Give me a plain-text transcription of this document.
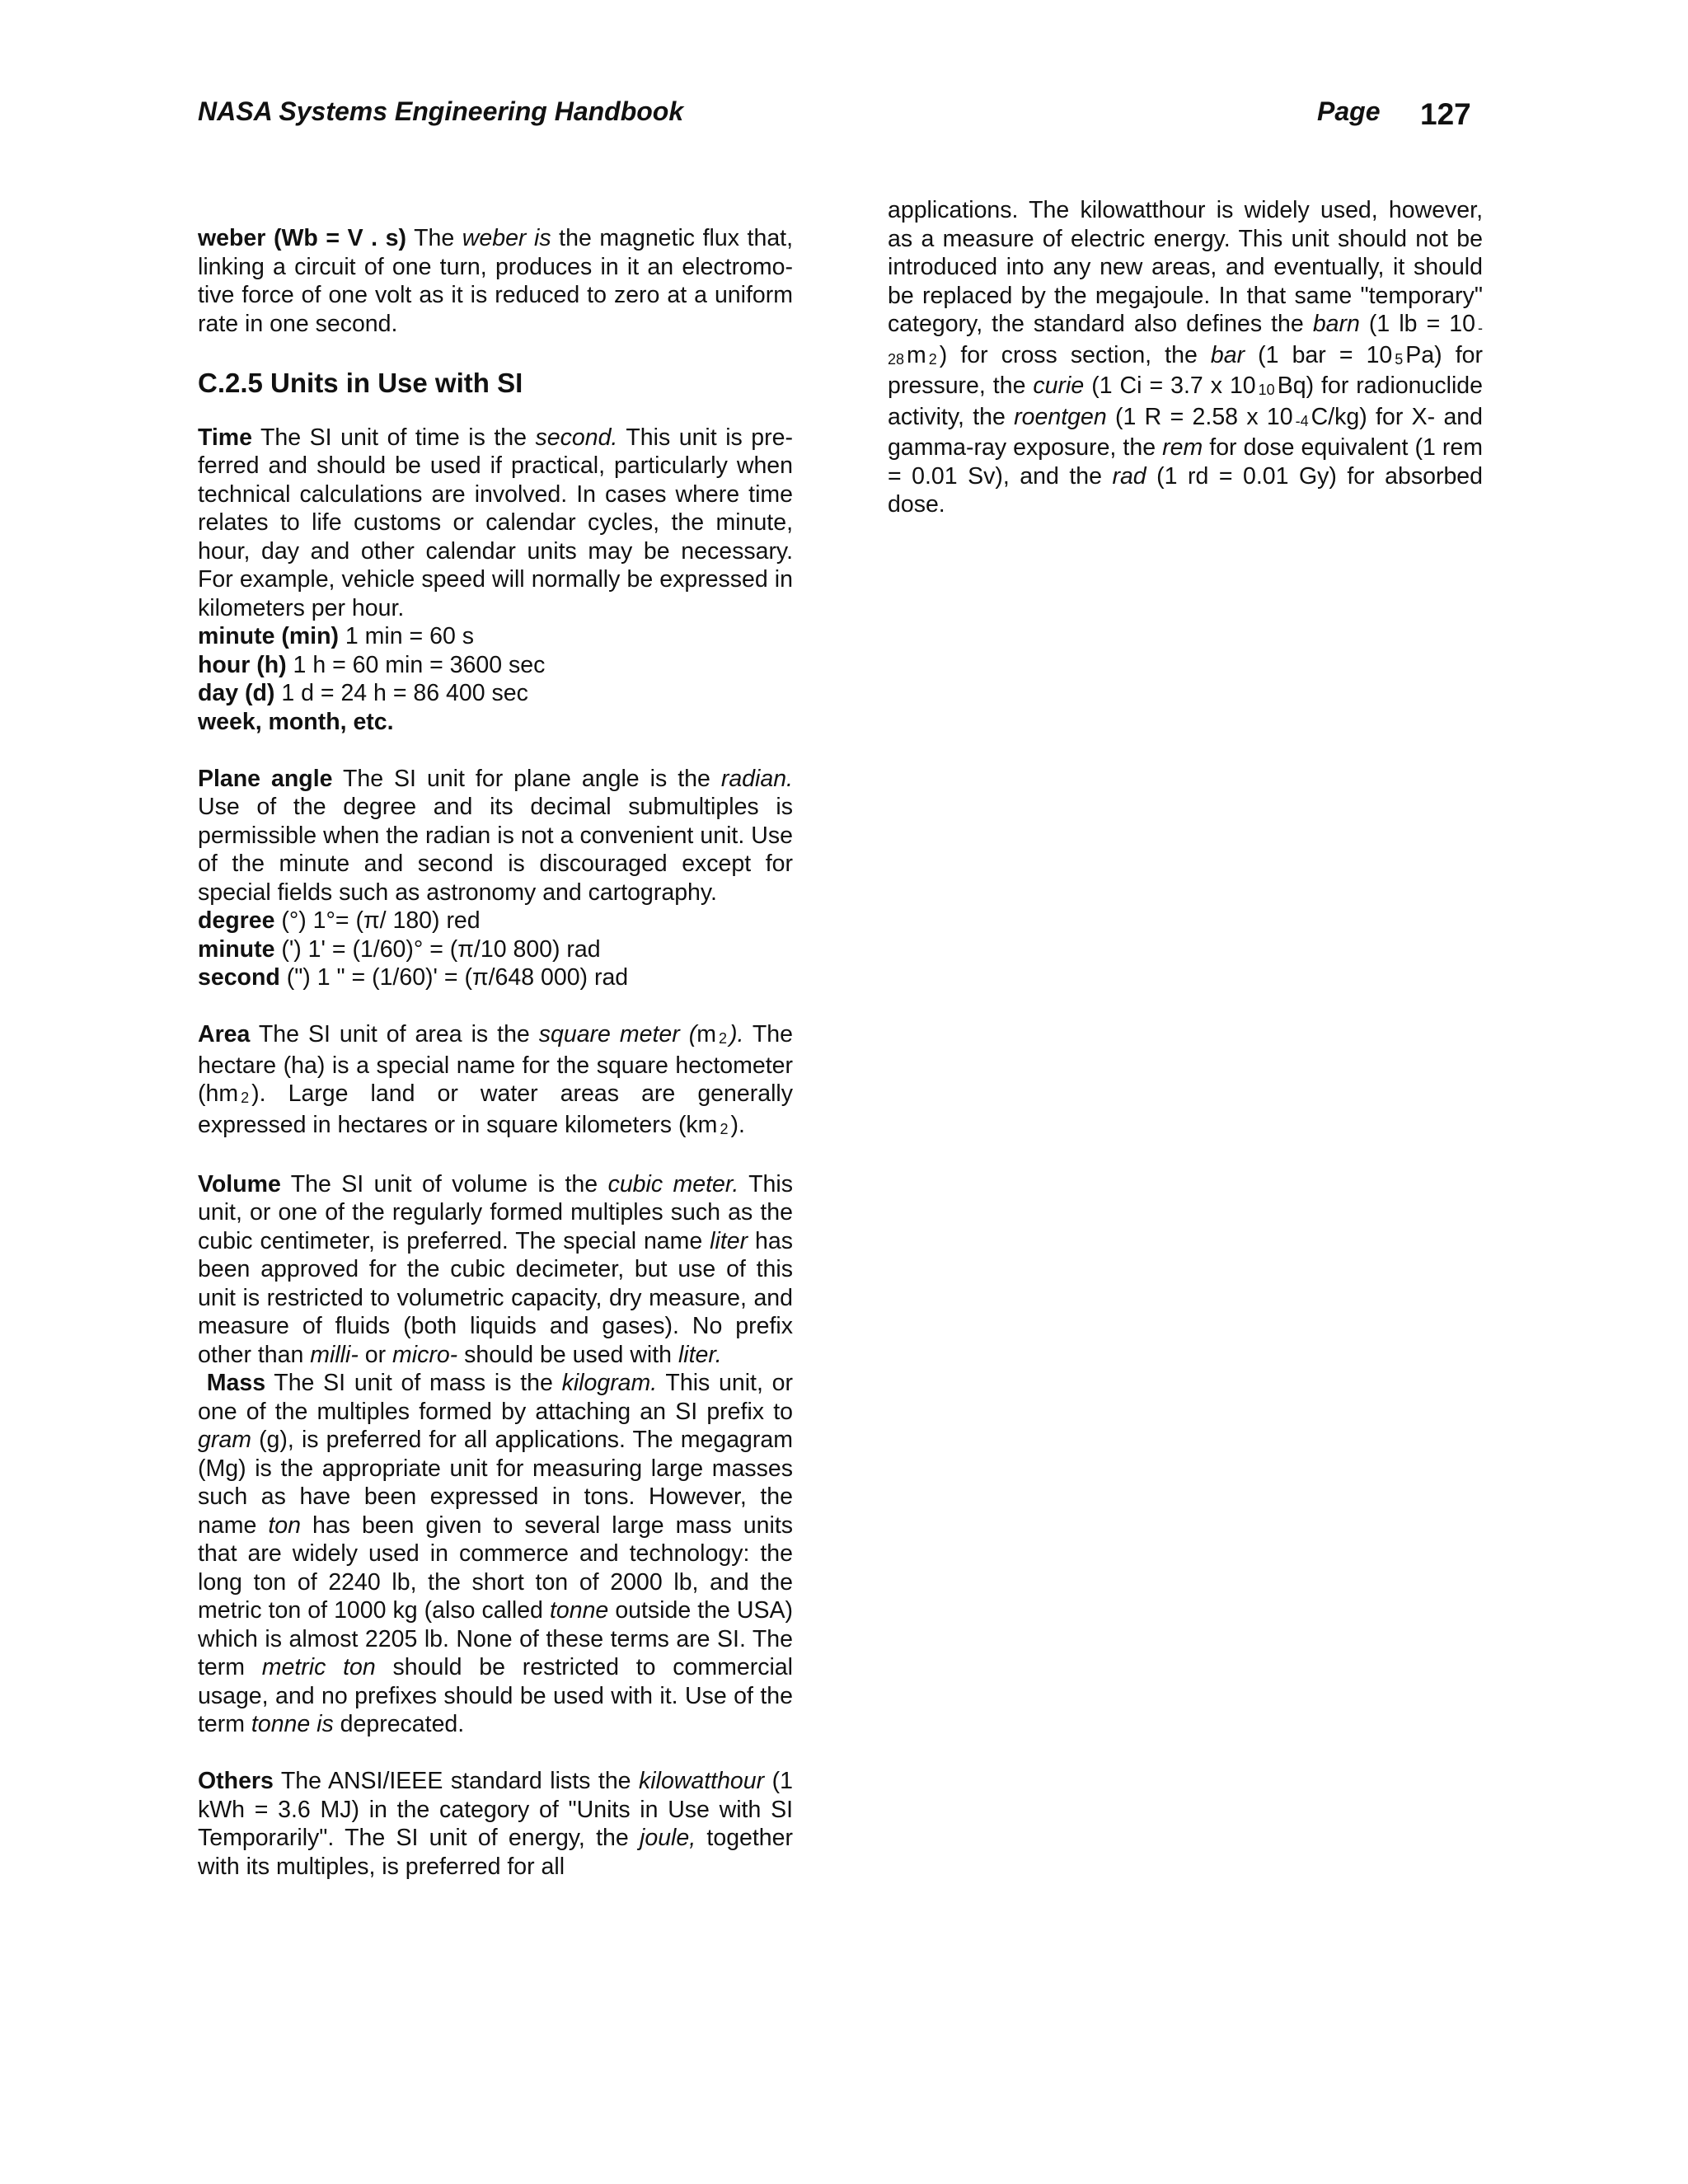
NASA Systems Engineering Handbook	Page 127

weber (Wb = V . s) The weber is the magnetic flux that, linking a circuit of one turn, produces in it an electromo-tive force of one volt as it is reduced to zero at a uniform rate in one second.

C.2.5 Units in Use with SI

Time The SI unit of time is the second. This unit is pre-ferred and should be used if practical, particularly when technical calculations are involved. In cases where time relates to life customs or calendar cycles, the minute, hour, day and other calendar units may be necessary. For example, vehicle speed will normally be expressed in kilometers per hour.

minute (min) 1 min = 60 s

hour (h) 1 h = 60 min = 3600 sec

day (d) 1 d = 24 h = 86 400 sec

week, month, etc.

Plane angle The SI unit for plane angle is the radian. Use of the degree and its decimal submultiples is permissible when the radian is not a convenient unit. Use of the minute and second is discouraged except for special fields such as astronomy and cartography.

degree (°) 1°= (π/ 180) red

minute (') 1' = (1/60)° = (π/10 800) rad

second (") 1 " = (1/60)' = (π/648 000) rad

Area The SI unit of area is the square meter (m 2 ). The hectare (ha) is a special name for the square hectometer (hm 2 ). Large land or water areas are generally expressed in hectares or in square kilometers (km 2 ).

Volume The SI unit of volume is the cubic meter. This unit, or one of the regularly formed multiples such as the cubic centimeter, is preferred. The special name liter has been approved for the cubic decimeter, but use of this unit is restricted to volumetric capacity, dry measure, and measure of fluids (both liquids and gases). No prefix other than milli- or micro- should be used with liter.

Mass The SI unit of mass is the kilogram. This unit, or one of the multiples formed by attaching an SI prefix to gram (g), is preferred for all applications. The megagram (Mg) is the appropriate unit for measuring large masses such as have been expressed in tons. However, the name ton has been given to several large mass units that are widely used in commerce and technology: the long ton of 2240 lb, the short ton of 2000 lb, and the metric ton of 1000 kg (also called tonne outside the USA) which is almost 2205 lb. None of these terms are SI. The term metric ton should be restricted to commercial usage, and no prefixes should be used with it. Use of the term tonne is deprecated.

Others The ANSI/IEEE standard lists the kilowatthour (1 kWh = 3.6 MJ) in the category of "Units in Use with SI Temporarily". The SI unit of energy, the joule, together with its multiples, is preferred for all

applications. The kilowatthour is widely used, however, as a measure of electric energy. This unit should not be introduced into any new areas, and eventually, it should be replaced by the megajoule. In that same "temporary" category, the standard also defines the barn (1 lb = 10 -28 m 2 ) for cross section, the bar (1 bar = 10 5 Pa) for pressure, the curie (1 Ci = 3.7 x 10 10 Bq) for radionuclide activity, the roentgen (1 R = 2.58 x 10 -4 C/kg) for X- and gamma-ray exposure, the rem for dose equivalent (1 rem = 0.01 Sv), and the rad (1 rd = 0.01 Gy) for absorbed dose.
